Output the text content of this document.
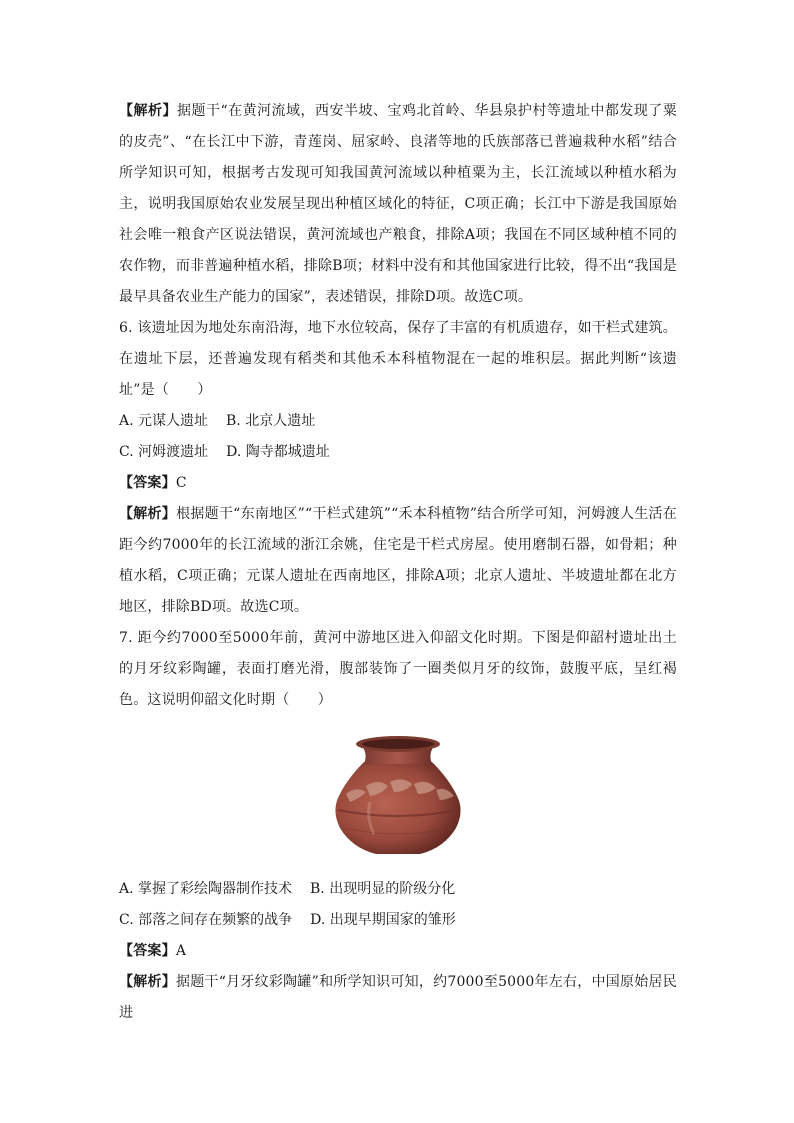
【解析】据题干“在黄河流域，西安半坡、宝鸡北首岭、华县泉护村等遗址中都发现了粟的皮壳”、“在长江中下游，青莲岗、屈家岭、良渚等地的氏族部落已普遍栽种水稻”结合所学知识可知，根据考古发现可知我国黄河流域以种植粟为主，长江流域以种植水稻为主，说明我国原始农业发展呈现出种植区域化的特征，C项正确；长江中下游是我国原始社会唯一粮食产区说法错误，黄河流域也产粮食，排除A项；我国在不同区域种植不同的农作物，而非普遍种植水稻，排除B项；材料中没有和其他国家进行比较，得不出“我国是最早具备农业生产能力的国家”，表述错误，排除D项。故选C项。

6. 该遗址因为地处东南沿海，地下水位较高，保存了丰富的有机质遗存，如干栏式建筑。在遗址下层，还普遍发现有稻类和其他禾本科植物混在一起的堆积层。据此判断“该遗址”是（　　）

A. 元谋人遗址 B. 北京人遗址

C. 河姆渡遗址 D. 陶寺都城遗址

【答案】C

【解析】根据题干“东南地区”“干栏式建筑”“禾本科植物”结合所学可知，河姆渡人生活在距今约7000年的长江流域的浙江余姚，住宅是干栏式房屋。使用磨制石器，如骨耜；种植水稻，C项正确；元谋人遗址在西南地区，排除A项；北京人遗址、半坡遗址都在北方地区，排除BD项。故选C项。

7. 距今约7000至5000年前，黄河中游地区进入仰韶文化时期。下图是仰韶村遗址出土的月牙纹彩陶罐，表面打磨光滑，腹部装饰了一圈类似月牙的纹饰，鼓腹平底，呈红褐色。这说明仰韶文化时期（　　）

A. 掌握了彩绘陶器制作技术 B. 出现明显的阶级分化

C. 部落之间存在频繁的战争 D. 出现早期国家的雏形

【答案】A

【解析】据题干“月牙纹彩陶罐”和所学知识可知，约7000至5000年左右，中国原始居民进
